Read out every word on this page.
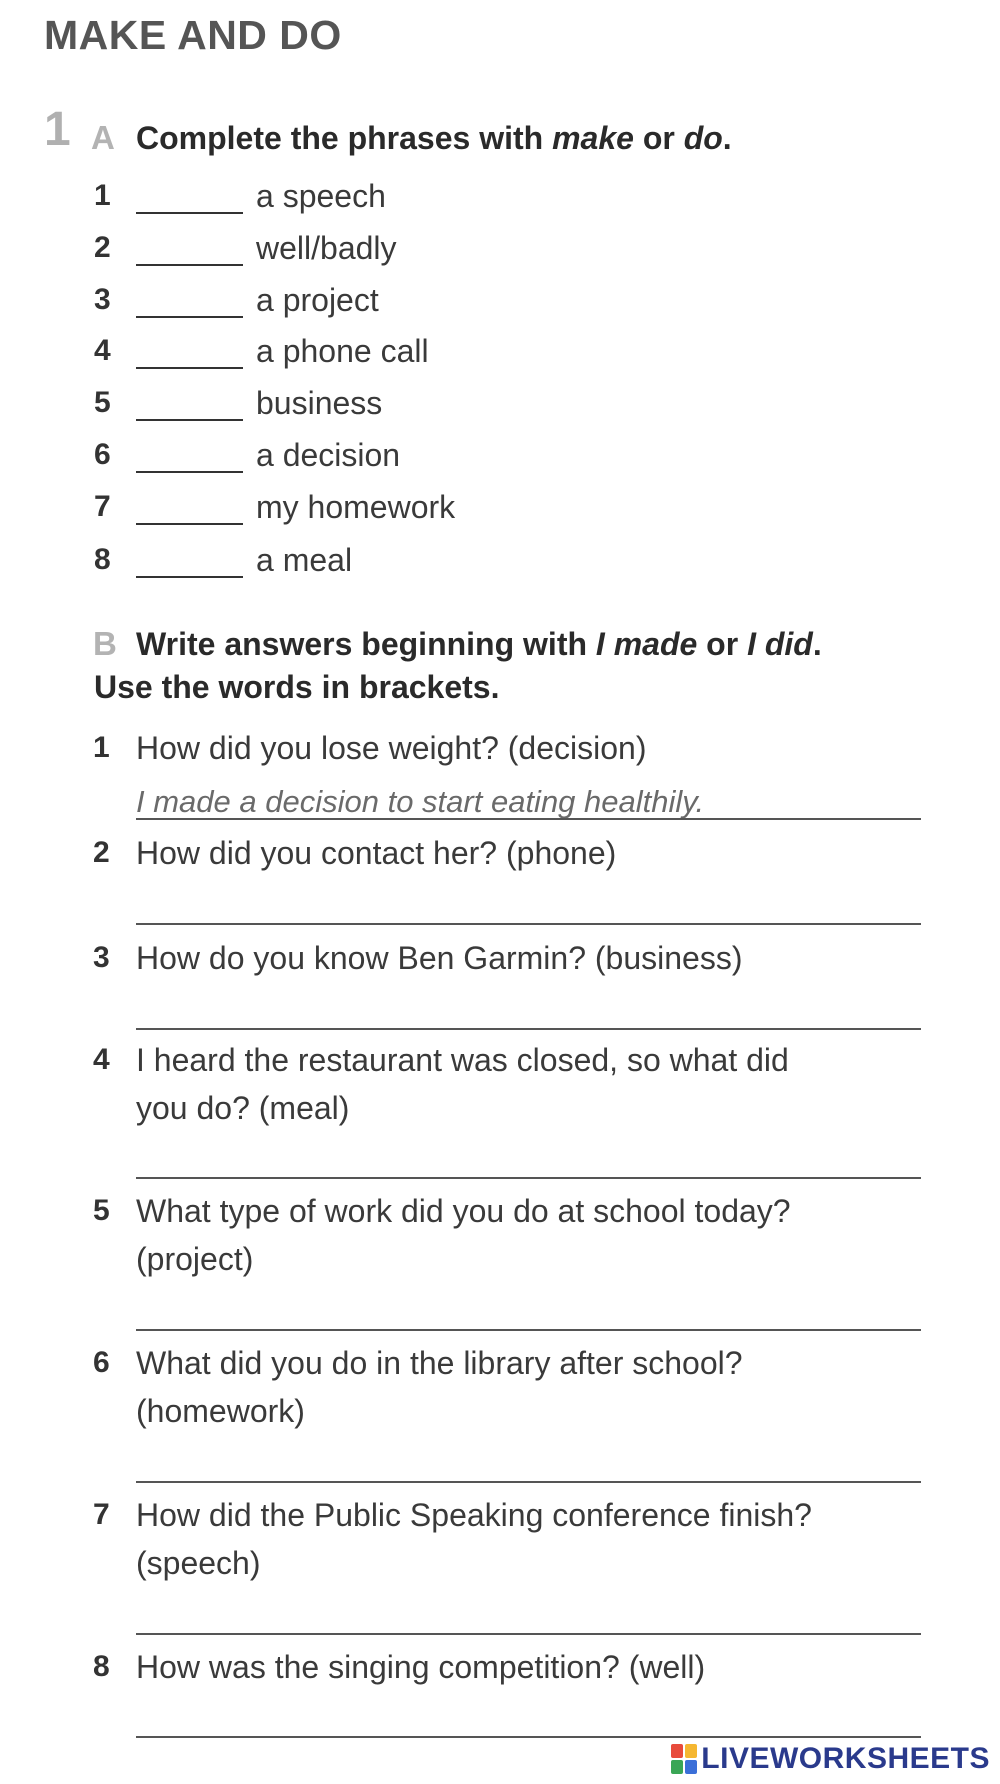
MAKE AND DO
1 A Complete the phrases with make or do.
1	a speech
2	well/badly
3	a project
4	a phone call
5	business
6	a decision
7	my homework
8	a meal
B Write answers beginning with I made or I did.
Use the words in brackets.
1 How did you lose weight? (decision)
I made a decision to start eating healthily.
2 How did you contact her? (phone)
3 How do you know Ben Garmin? (business)
4 I heard the restaurant was closed, so what did
you do? (meal)
5 What type of work did you do at school today?
(project)
6 What did you do in the library after school?
(homework)
7 How did the Public Speaking conference finish?
(speech)
8 How was the singing competition? (well)
LIVEWORKSHEETS
